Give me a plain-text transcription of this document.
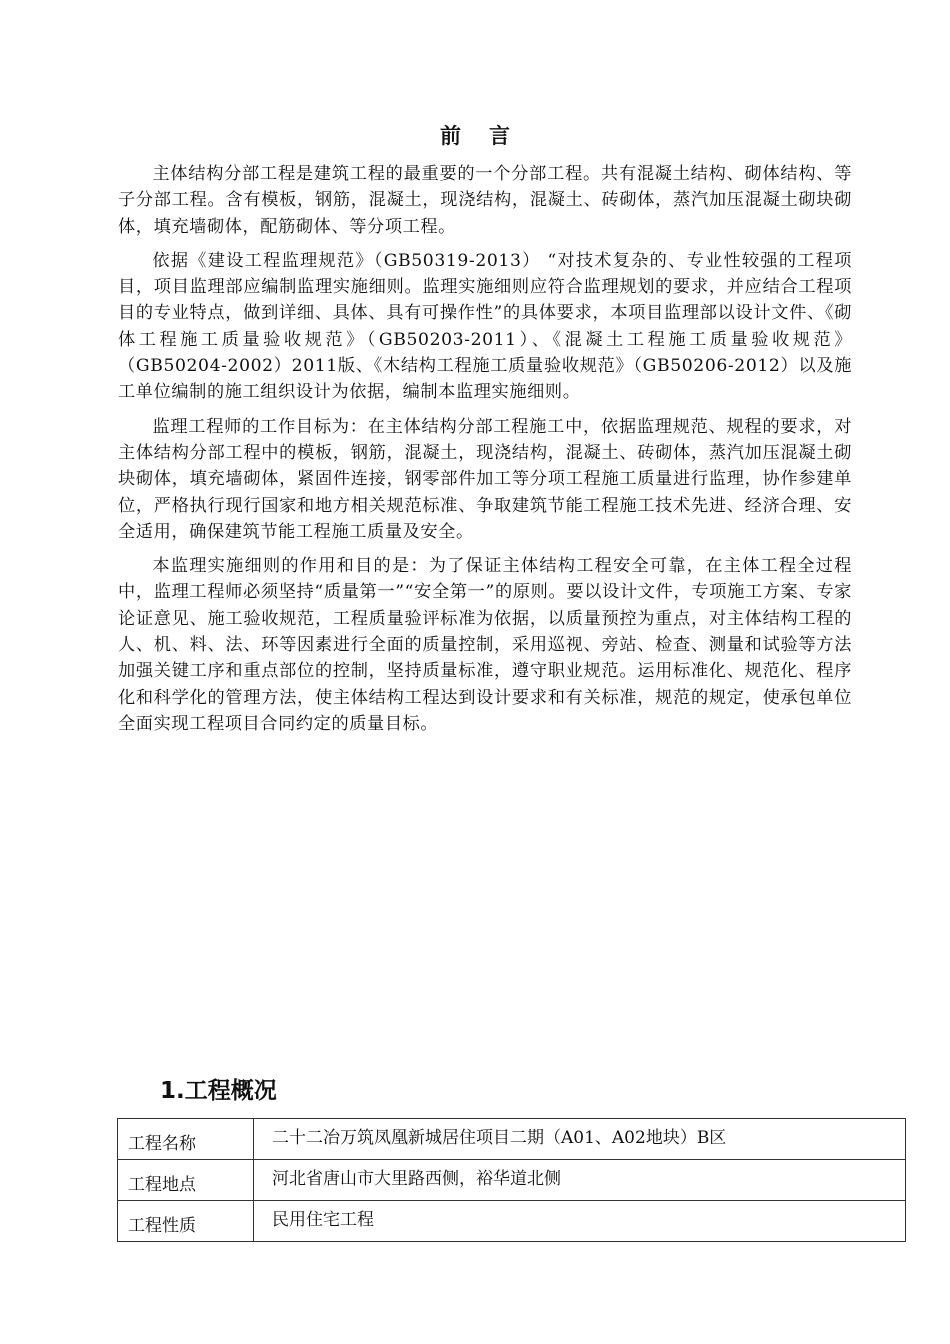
前言

主体结构分部工程是建筑工程的最重要的一个分部工程。共有混凝土结构、砌体结构、等子分部工程。含有模板，钢筋，混凝土，现浇结构，混凝土、砖砌体，蒸汽加压混凝土砌块砌体，填充墙砌体，配筋砌体、等分项工程。

依据《建设工程监理规范》（GB50319-2013） “对技术复杂的、专业性较强的工程项目，项目监理部应编制监理实施细则。监理实施细则应符合监理规划的要求，并应结合工程项目的专业特点，做到详细、具体、具有可操作性”的具体要求，本项目监理部以设计文件、《砌体工程施工质量验收规范》（GB50203-2011）、《混凝土工程施工质量验收规范》（GB50204-2002）2011版、《木结构工程施工质量验收规范》（GB50206-2012）以及施工单位编制的施工组织设计为依据，编制本监理实施细则。

监理工程师的工作目标为：在主体结构分部工程施工中，依据监理规范、规程的要求，对主体结构分部工程中的模板，钢筋，混凝土，现浇结构，混凝土、砖砌体，蒸汽加压混凝土砌块砌体，填充墙砌体，紧固件连接，钢零部件加工等分项工程施工质量进行监理，协作参建单位，严格执行现行国家和地方相关规范标准、争取建筑节能工程施工技术先进、经济合理、安全适用，确保建筑节能工程施工质量及安全。

本监理实施细则的作用和目的是：为了保证主体结构工程安全可靠，在主体工程全过程中，监理工程师必须坚持“质量第一”“安全第一”的原则。要以设计文件，专项施工方案、专家论证意见、施工验收规范，工程质量验评标准为依据，以质量预控为重点，对主体结构工程的人、机、料、法、环等因素进行全面的质量控制，采用巡视、旁站、检查、测量和试验等方法加强关键工序和重点部位的控制，坚持质量标准，遵守职业规范。运用标准化、规范化、程序化和科学化的管理方法，使主体结构工程达到设计要求和有关标准，规范的规定，使承包单位全面实现工程项目合同约定的质量目标。

1.工程概况
工程名称	二十二冶万筑凤凰新城居住项目二期（A01、A02地块）B区
工程地点	河北省唐山市大里路西侧，裕华道北侧
工程性质	民用住宅工程
